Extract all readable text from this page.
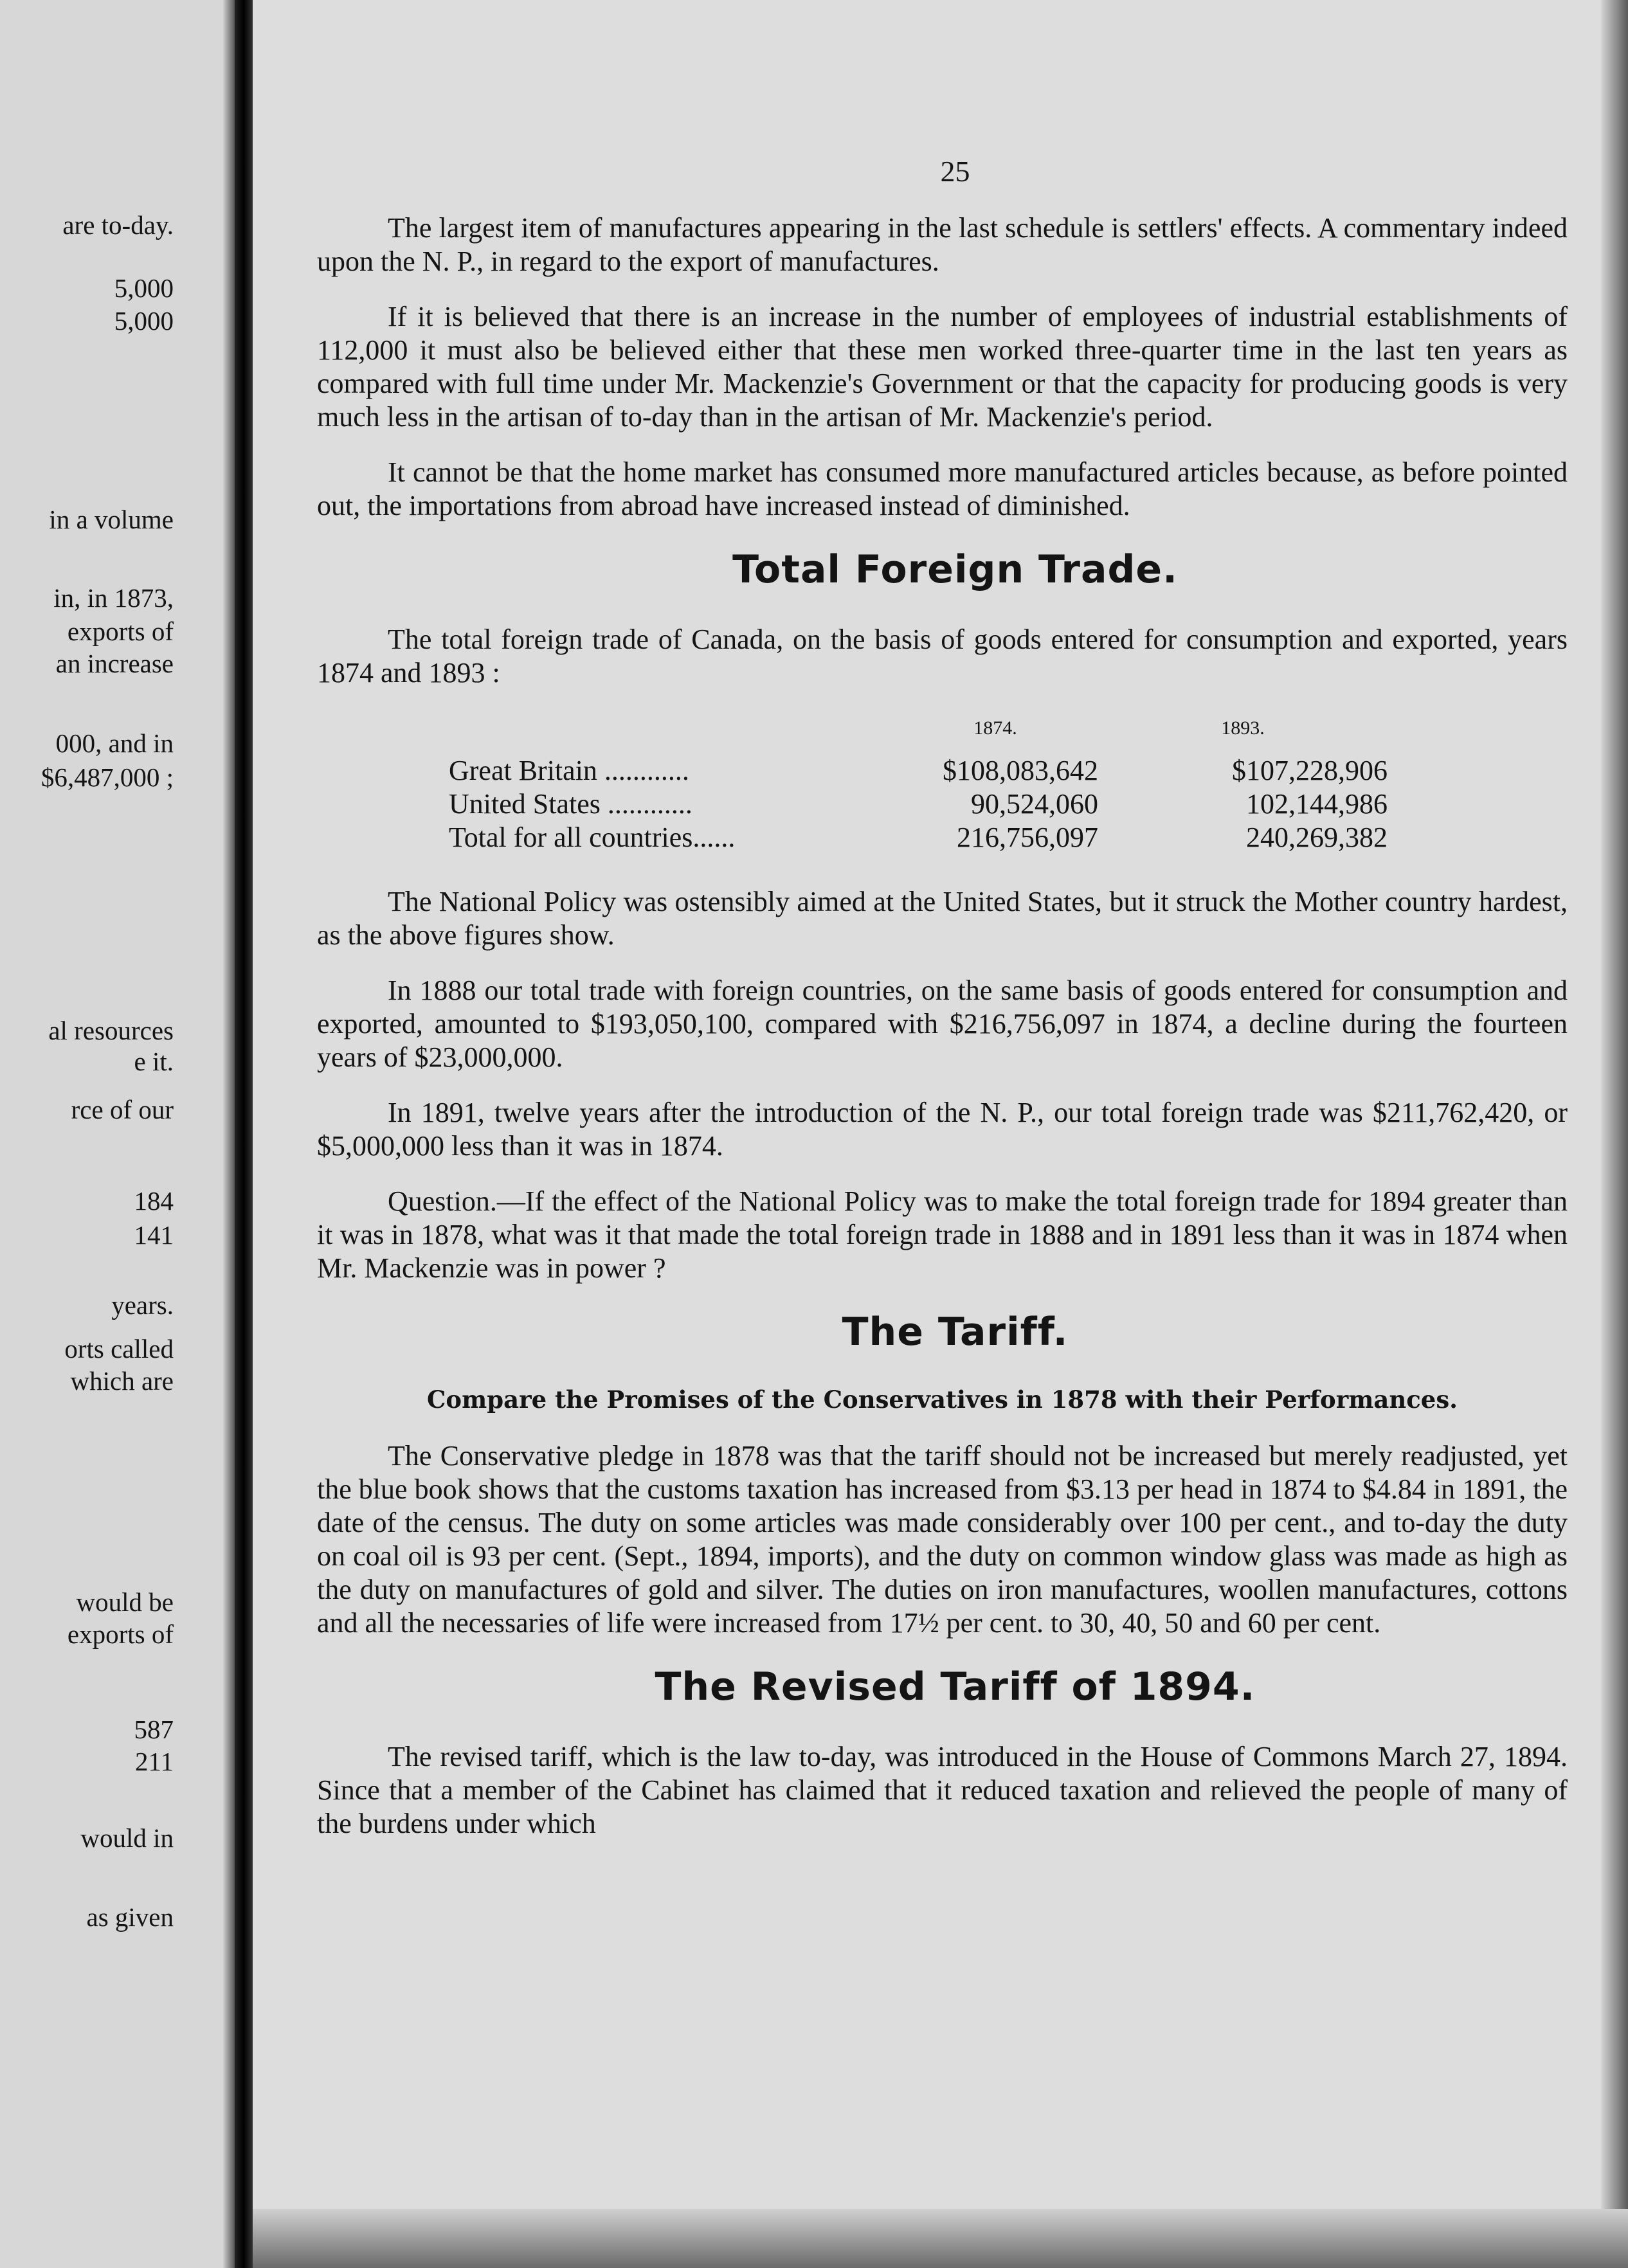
are to-day.
5,000
5,000
in a volume
in, in 1873,
exports of
an increase
000, and in
$6,487,000 ;
al resources
e it.
rce of our
184
141
years.
orts called
which are
would be
exports of
587
211
would in
as given
25

The largest item of manufactures appearing in the last schedule is settlers' effects. A commentary indeed upon the N. P., in regard to the export of manufactures.

If it is believed that there is an increase in the number of employees of industrial establishments of 112,000 it must also be believed either that these men worked three-quarter time in the last ten years as compared with full time under Mr. Mackenzie's Government or that the capacity for producing goods is very much less in the artisan of to-day than in the artisan of Mr. Mackenzie's period.

It cannot be that the home market has consumed more manufactured articles because, as before pointed out, the importations from abroad have increased instead of diminished.

Total Foreign Trade.

The total foreign trade of Canada, on the basis of goods entered for consumption and exported, years 1874 and 1893 :

	1874.	1893.
Great Britain ............	$108,083,642	$107,228,906
United States ............	90,524,060	102,144,986
Total for all countries......	216,756,097	240,269,382

The National Policy was ostensibly aimed at the United States, but it struck the Mother country hardest, as the above figures show.

In 1888 our total trade with foreign countries, on the same basis of goods entered for consumption and exported, amounted to $193,050,100, compared with $216,756,097 in 1874, a decline during the fourteen years of $23,000,000.

In 1891, twelve years after the introduction of the N. P., our total foreign trade was $211,762,420, or $5,000,000 less than it was in 1874.

Question.—If the effect of the National Policy was to make the total foreign trade for 1894 greater than it was in 1878, what was it that made the total foreign trade in 1888 and in 1891 less than it was in 1874 when Mr. Mackenzie was in power ?

The Tariff.
Compare the Promises of the Conservatives in 1878 with their Performances.

The Conservative pledge in 1878 was that the tariff should not be increased but merely readjusted, yet the blue book shows that the customs taxation has increased from $3.13 per head in 1874 to $4.84 in 1891, the date of the census. The duty on some articles was made considerably over 100 per cent., and to-day the duty on coal oil is 93 per cent. (Sept., 1894, imports), and the duty on common window glass was made as high as the duty on manufactures of gold and silver. The duties on iron manufactures, woollen manufactures, cottons and all the necessaries of life were increased from 17½ per cent. to 30, 40, 50 and 60 per cent.

The Revised Tariff of 1894.

The revised tariff, which is the law to-day, was introduced in the House of Commons March 27, 1894. Since that a member of the Cabinet has claimed that it reduced taxation and relieved the people of many of the burdens under which
